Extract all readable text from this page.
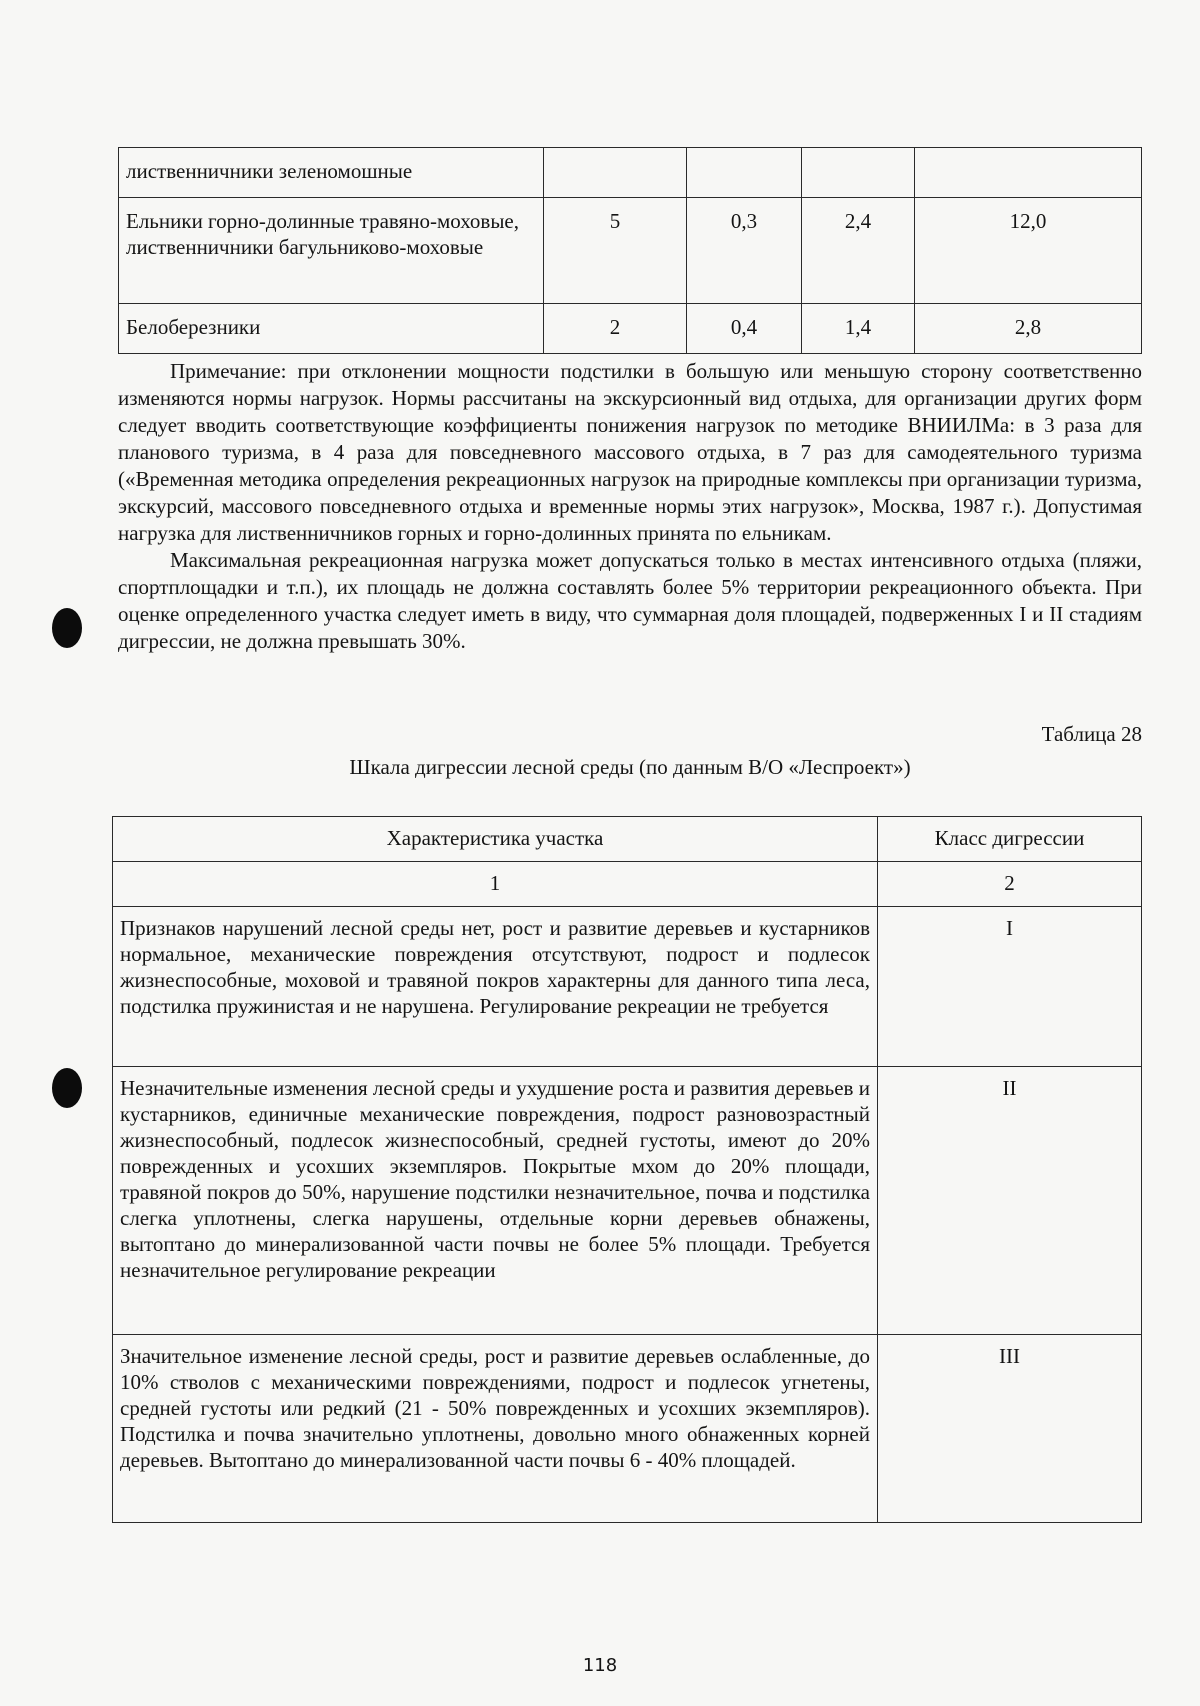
лиственничники зеленомошные				
Ельники горно-долинные травяно-моховые, лиственничники багульниково-моховые	5	0,3	2,4	12,0
Белоберезники	2	0,4	1,4	2,8

Примечание: при отклонении мощности подстилки в большую или меньшую сторону соответственно изменяются нормы нагрузок. Нормы рассчитаны на экскурсионный вид отдыха, для организации других форм следует вводить соответствующие коэффициенты понижения нагрузок по методике ВНИИЛМа: в 3 раза для планового туризма, в 4 раза для повседневного массового отдыха, в 7 раз для самодеятельного туризма («Временная методика определения рекреационных нагрузок на природные комплексы при организации туризма, экскурсий, массового повседневного отдыха и временные нормы этих нагрузок», Москва, 1987 г.). Допустимая нагрузка для лиственничников горных и горно-долинных принята по ельникам.

Максимальная рекреационная нагрузка может допускаться только в местах интенсивного отдыха (пляжи, спортплощадки и т.п.), их площадь не должна составлять более 5% территории рекреационного объекта. При оценке определенного участка следует иметь в виду, что суммарная доля площадей, подверженных I и II стадиям дигрессии, не должна превышать 30%.

Таблица 28
Шкала дигрессии лесной среды (по данным В/О «Леспроект»)
Характеристика участка	Класс дигрессии
1	2
Признаков нарушений лесной среды нет, рост и развитие деревьев и кустарников нормальное, механические повреждения отсутствуют, подрост и подлесок жизнеспособные, моховой и травяной покров характерны для данного типа леса, подстилка пружинистая и не нарушена. Регулирование рекреации не требуется	I
Незначительные изменения лесной среды и ухудшение роста и развития деревьев и кустарников, единичные механические повреждения, подрост разновозрастный жизнеспособный, подлесок жизнеспособный, средней густоты, имеют до 20% поврежденных и усохших экземпляров. Покрытые мхом до 20% площади, травяной покров до 50%, нарушение подстилки незначительное, почва и подстилка слегка уплотнены, слегка нарушены, отдельные корни деревьев обнажены, вытоптано до минерализованной части почвы не более 5% площади. Требуется незначительное регулирование рекреации	II
Значительное изменение лесной среды, рост и развитие деревьев ослабленные, до 10% стволов с механическими повреждениями, подрост и подлесок угнетены, средней густоты или редкий (21 - 50% поврежденных и усохших экземпляров). Подстилка и почва значительно уплотнены, довольно много обнаженных корней деревьев. Вытоптано до минерализованной части почвы 6 - 40% площадей.	III
118
